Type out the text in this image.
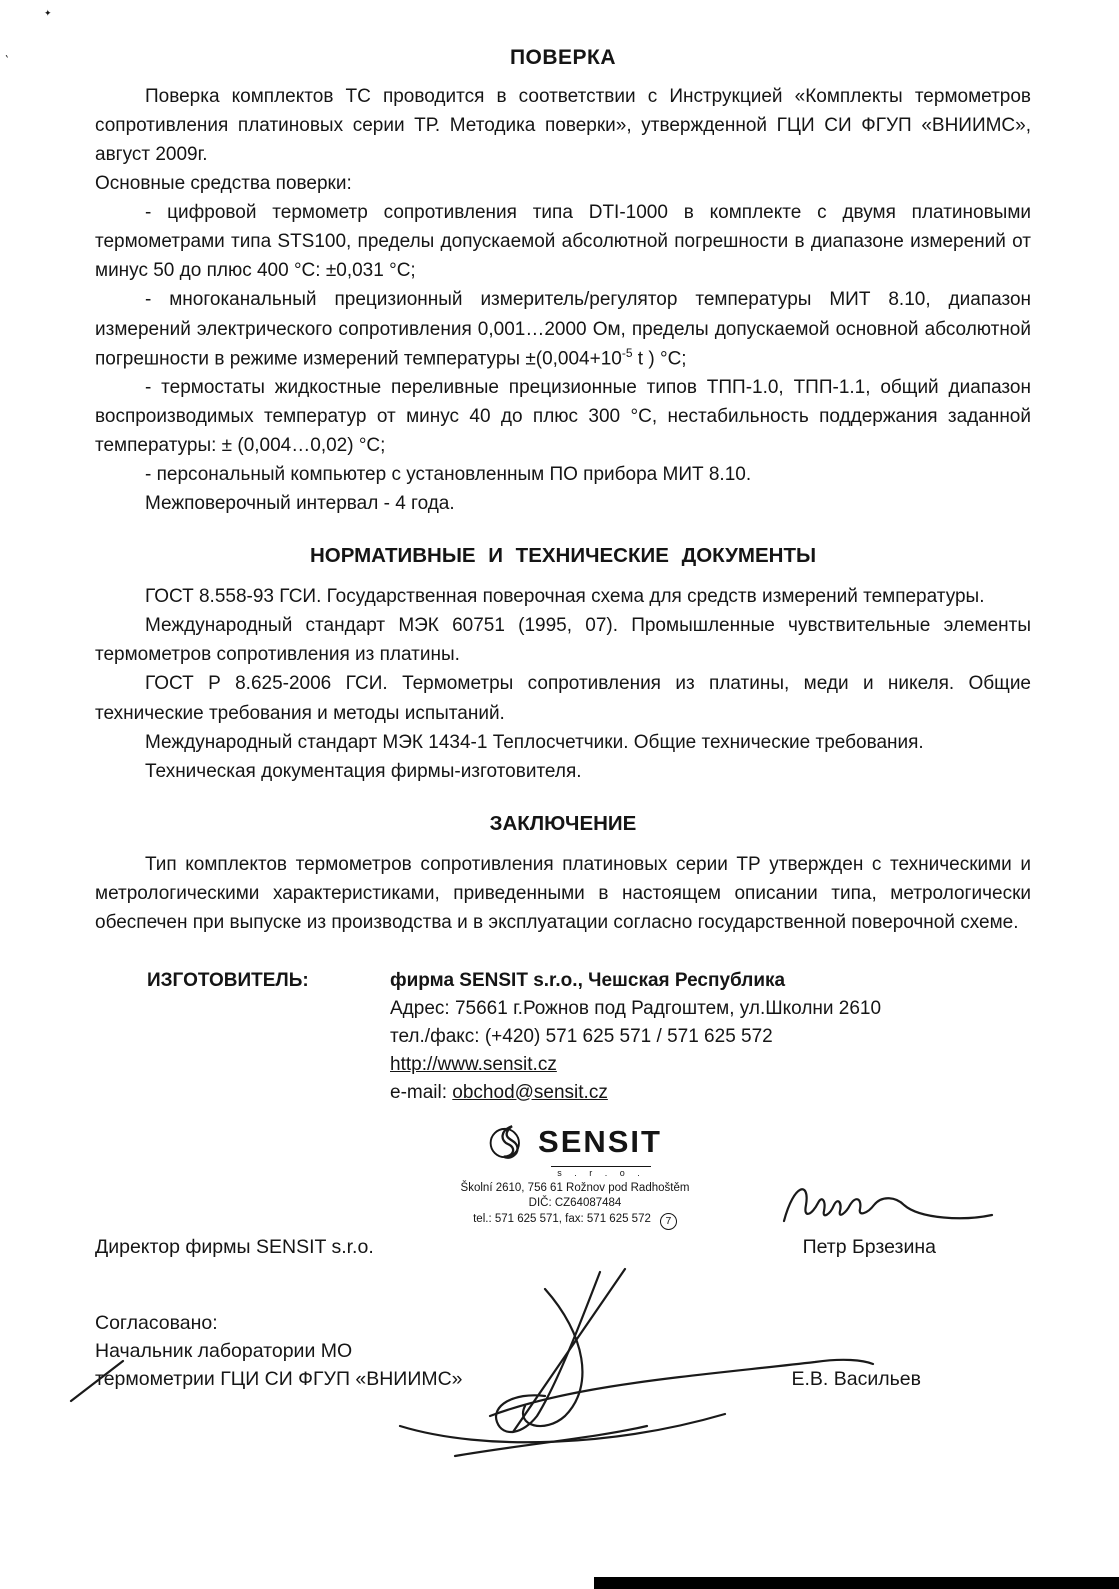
✦
’	ПОВЕРКА

Поверка комплектов ТС проводится в соответствии с Инструкцией «Комплекты термометров сопротивления платиновых серии ТР. Методика поверки», утвержденной ГЦИ СИ ФГУП «ВНИИМС», август 2009г.

Основные средства поверки:

- цифровой термометр сопротивления типа DTI-1000 в комплекте с двумя платиновыми термометрами типа STS100, пределы допускаемой абсолютной погрешности в диапазоне измерений от минус 50 до плюс 400 °С: ±0,031 °С;

- многоканальный прецизионный измеритель/регулятор температуры МИТ 8.10, диапазон измерений электрического сопротивления 0,001…2000 Ом, пределы допускаемой основной абсолютной погрешности в режиме измерений температуры $\pm(0,004+10^{-5}$ t ) °С;

- термостаты жидкостные переливные прецизионные типов ТПП-1.0, ТПП-1.1, общий диапазон воспроизводимых температур от минус 40 до плюс 300 °С, нестабильность поддержания заданной температуры: ± (0,004…0,02) °С;

- персональный компьютер с установленным ПО прибора МИТ 8.10.

Межповерочный интервал - 4 года.

НОРМАТИВНЫЕ И ТЕХНИЧЕСКИЕ ДОКУМЕНТЫ

ГОСТ 8.558-93 ГСИ. Государственная поверочная схема для средств измерений температуры.

Международный стандарт МЭК 60751 (1995, 07). Промышленные чувствительные элементы термометров сопротивления из платины.

ГОСТ Р 8.625-2006 ГСИ. Термометры сопротивления из платины, меди и никеля. Общие технические требования и методы испытаний.

Международный стандарт МЭК 1434-1 Теплосчетчики. Общие технические требования.

Техническая документация фирмы-изготовителя.

ЗАКЛЮЧЕНИЕ

Тип комплектов термометров сопротивления платиновых серии ТР утвержден с техническими и метрологическими характеристиками, приведенными в настоящем описании типа, метрологически обеспечен при выпуске из производства и в эксплуатации согласно государственной поверочной схеме.

ИЗГОТОВИТЕЛЬ:	фирма SENSIT s.r.o., Чешская Республика
Адрес: 75661 г.Рожнов под Радгоштем, ул.Школни 2610
тел./факс: (+420) 571 625 571 / 571 625 572
http://www.sensit.cz
e-mail: obchod@sensit.cz
SENSIT
s . r . o .
Školní 2610, 756 61 Rožnov pod Radhoštěm
DIČ: CZ64087484
tel.: 571 625 571, fax: 571 625 572 7
Директор фирмы SENSIT s.r.o.	Петр Брзезина
Согласовано:
Начальник лаборатории МО
термометрии ГЦИ СИ ФГУП «ВНИИМС»	Е.В. Васильев
